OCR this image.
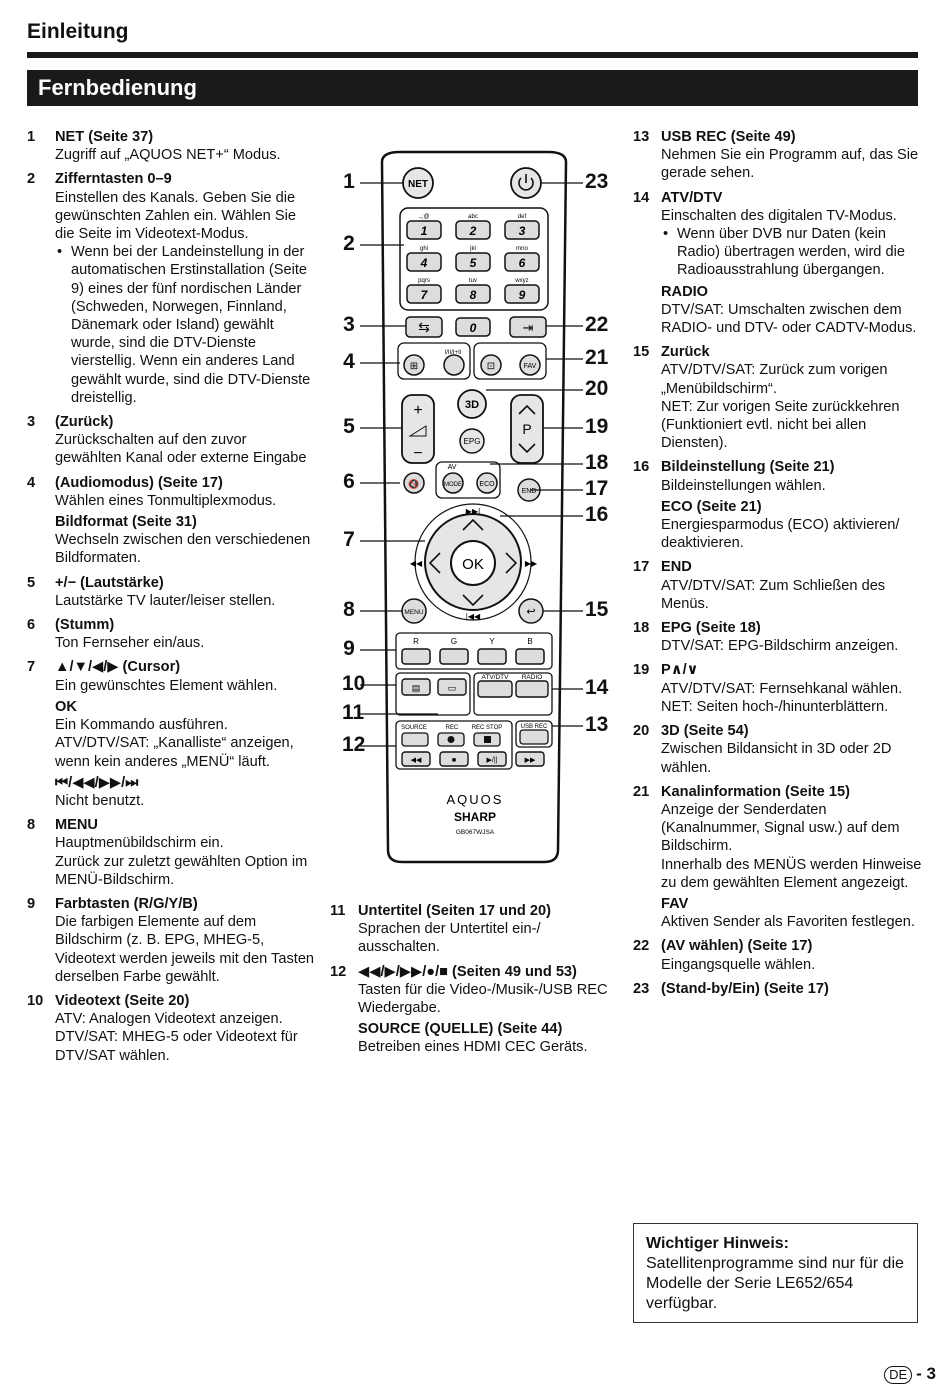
Einleitung
Fernbedienung
1 NET (Seite 37)
Zugriff auf „AQUOS NET+“ Modus.
2 Zifferntasten 0–9
Einstellen des Kanals. Geben Sie die gewünschten Zahlen ein. Wählen Sie die Seite im Videotext-Modus.
• Wenn bei der Landeinstellung in der automatischen Erstinstallation (Seite 9) eines der fünf nordischen Länder (Schweden, Norwegen, Finnland, Dänemark oder Island) gewählt wurde, sind die DTV-Dienste vierstellig. Wenn ein anderes Land gewählt wurde, sind die DTV-Dienste dreistellig.
3 (Zurück)
Zurückschalten auf den zuvor gewählten Kanal oder externe Eingabe
4 (Audiomodus) (Seite 17)
Wählen eines Tonmultiplexmodus.
Bildformat (Seite 31)
Wechseln zwischen den verschiedenen Bildformaten.
5 +/− (Lautstärke)
Lautstärke TV lauter/leiser stellen.
6 (Stumm)
Ton Fernseher ein/aus.
7 ▲/▼/◀/▶ (Cursor)
Ein gewünschtes Element wählen.
OK
Ein Kommando ausführen.
ATV/DTV/SAT: „Kanalliste“ anzeigen, wenn kein anderes „MENÜ“ läuft.
⏮/◀◀/▶▶/⏭
Nicht benutzt.
8 MENU
Hauptmenübildschirm ein.
Zurück zur zuletzt gewählten Option im MENÜ-Bildschirm.
9 Farbtasten (R/G/Y/B)
Die farbigen Elemente auf dem Bildschirm (z. B. EPG, MHEG-5, Videotext werden jeweils mit den Tasten derselben Farbe gewählt.
10 Videotext (Seite 20)
ATV: Analogen Videotext anzeigen.
DTV/SAT: MHEG-5 oder Videotext für DTV/SAT wählen.
11 Untertitel (Seiten 17 und 20)
Sprachen der Untertitel ein-/ ausschalten.
12 ◀◀/▶/▶▶/●/■ (Seiten 49 und 53)
Tasten für die Video-/Musik-/USB REC Wiedergabe.
SOURCE (QUELLE) (Seite 44)
Betreiben eines HDMI CEC Geräts.
13 USB REC (Seite 49)
Nehmen Sie ein Programm auf, das Sie gerade sehen.
14 ATV/DTV
Einschalten des digitalen TV-Modus.
• Wenn über DVB nur Daten (kein Radio) übertragen werden, wird die Radioausstrahlung übergangen.
RADIO
DTV/SAT: Umschalten zwischen dem RADIO- und DTV- oder CADTV-Modus.
15 Zurück
ATV/DTV/SAT: Zurück zum vorigen „Menübildschirm“.
NET: Zur vorigen Seite zurückkehren (Funktioniert evtl. nicht bei allen Diensten).
16 Bildeinstellung (Seite 21)
Bildeinstellungen wählen.
ECO (Seite 21)
Energiesparmodus (ECO) aktivieren/ deaktivieren.
17 END
ATV/DTV/SAT: Zum Schließen des Menüs.
18 EPG (Seite 18)
DTV/SAT: EPG-Bildschirm anzeigen.
19 P∧/∨
ATV/DTV/SAT: Fernsehkanal wählen.
NET: Seiten hoch-/hinunterblättern.
20 3D (Seite 54)
Zwischen Bildansicht in 3D oder 2D wählen.
21 Kanalinformation (Seite 15)
Anzeige der Senderdaten (Kanalnummer, Signal usw.) auf dem Bildschirm.
Innerhalb des MENÜS werden Hinweise zu dem gewählten Element angezeigt.
FAV
Aktiven Sender als Favoriten festlegen.
22 (AV wählen) (Seite 17)
Eingangsquelle wählen.
23 (Stand-by/Ein) (Seite 17)
NET
.,;@
1
abc
2
def
3
ghi
4
jkl
5
mno
6
pqrs
7
tuv
8
wxyz
9
0
⇆	⇥
⊞
I/II/I+II
⊡	FAV
+
−
3D
EPG
P
AV
🔇	MODE ECO
END
OK
▶▶|
|◀◀
◀◀	▶▶
MENU	↩
R	G	Y	B
▤	▭
ATV/DTV RADIO
SOURCE	REC REC STOP	USB REC
◀◀	■	▶/||	▶▶
AQUOS
SHARP
GB067WJSA
1
2
3
4
5
6
7
8
9
10
11
12
23
22
21
20
19
18
17
16
15
14
13
Wichtiger Hinweis:
Satellitenprogramme sind nur für die Modelle der Serie LE652/654 verfügbar.
DE - 3
